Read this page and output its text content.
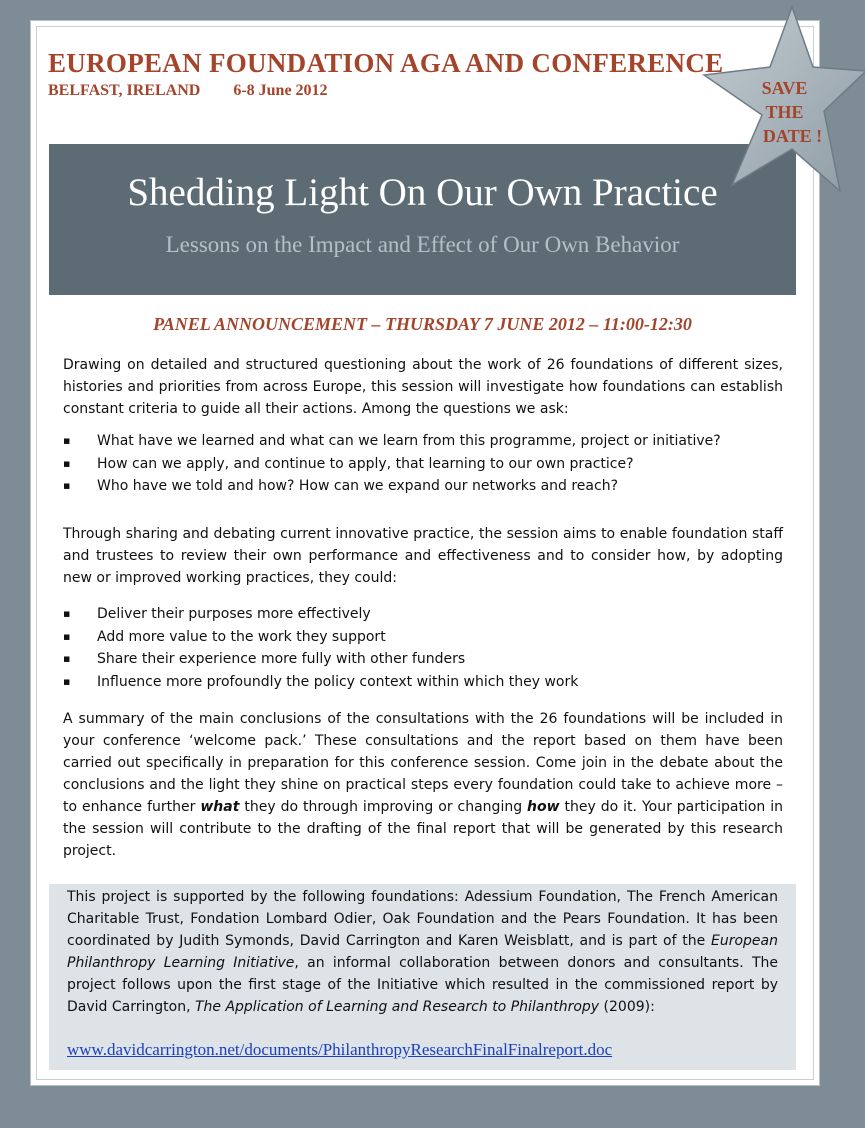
EUROPEAN FOUNDATION AGA AND CONFERENCE
BELFAST, IRELAND 6-8 June 2012
Shedding Light On Our Own Practice
Lessons on the Impact and Effect of Our Own Behavior
SAVE
THE
DATE !
PANEL ANNOUNCEMENT – THURSDAY 7 JUNE 2012 – 11:00-12:30

Drawing on detailed and structured questioning about the work of 26 foundations of different sizes, histories and priorities from across Europe, this session will investigate how foundations can establish constant criteria to guide all their actions. Among the questions we ask:

▪ What have we learned and what can we learn from this programme, project or initiative?
▪ How can we apply, and continue to apply, that learning to our own practice?
▪ Who have we told and how? How can we expand our networks and reach?

Through sharing and debating current innovative practice, the session aims to enable foundation staff and trustees to review their own performance and effectiveness and to consider how, by adopting new or improved working practices, they could:

▪ Deliver their purposes more effectively
▪ Add more value to the work they support
▪ Share their experience more fully with other funders
▪ Influence more profoundly the policy context within which they work

A summary of the main conclusions of the consultations with the 26 foundations will be included in your conference ‘welcome pack.’ These consultations and the report based on them have been carried out specifically in preparation for this conference session. Come join in the debate about the conclusions and the light they shine on practical steps every foundation could take to achieve more – to enhance further what they do through improving or changing how they do it. Your participation in the session will contribute to the drafting of the final report that will be generated by this research project.

This project is supported by the following foundations: Adessium Foundation, The French American Charitable Trust, Fondation Lombard Odier, Oak Foundation and the Pears Foundation. It has been coordinated by Judith Symonds, David Carrington and Karen Weisblatt, and is part of the European Philanthropy Learning Initiative, an informal collaboration between donors and consultants. The project follows upon the first stage of the Initiative which resulted in the commissioned report by David Carrington, The Application of Learning and Research to Philanthropy (2009):
www.davidcarrington.net/documents/PhilanthropyResearchFinalFinalreport.doc
